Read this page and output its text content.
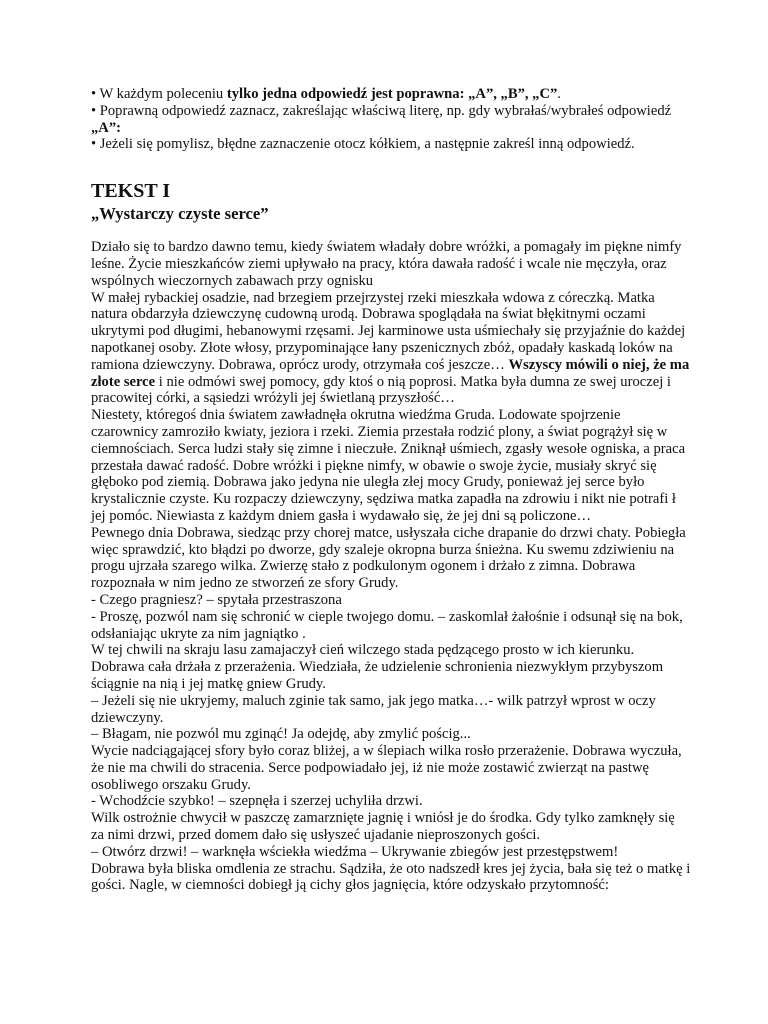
• W każdym poleceniu tylko jedna odpowiedź jest poprawna: „A”, „B”, „C”.

• Poprawną odpowiedź zaznacz, zakreślając właściwą literę, np. gdy wybrałaś/wybrałeś odpowiedź „A”:

• Jeżeli się pomylisz, błędne zaznaczenie otocz kółkiem, a następnie zakreśl inną odpowiedź.

TEKST I
„Wystarczy czyste serce”

Działo się to bardzo dawno temu, kiedy światem władały dobre wróżki, a pomagały im piękne nimfy leśne. Życie mieszkańców ziemi upływało na pracy, która dawała radość i wcale nie męczyła, oraz wspólnych wieczornych zabawach przy ognisku

W małej rybackiej osadzie, nad brzegiem przejrzystej rzeki mieszkała wdowa z córeczką. Matka natura obdarzyła dziewczynę cudowną urodą. Dobrawa spoglądała na świat błękitnymi oczami ukrytymi pod długimi, hebanowymi rzęsami. Jej karminowe usta uśmiechały się przyjaźnie do każdej napotkanej osoby. Złote włosy, przypominające łany pszenicznych zbóż, opadały kaskadą loków na ramiona dziewczyny. Dobrawa, oprócz urody, otrzymała coś jeszcze… Wszyscy mówili o niej, że ma złote serce i nie odmówi swej pomocy, gdy ktoś o nią poprosi. Matka była dumna ze swej uroczej i pracowitej córki, a sąsiedzi wróżyli jej świetlaną przyszłość…

Niestety, któregoś dnia światem zawładnęła okrutna wiedźma Gruda. Lodowate spojrzenie czarownicy zamroziło kwiaty, jeziora i rzeki. Ziemia przestała rodzić plony, a świat pogrążył się w ciemnościach. Serca ludzi stały się zimne i nieczułe. Zniknął uśmiech, zgasły wesołe ogniska, a praca przestała dawać radość. Dobre wróżki i piękne nimfy, w obawie o swoje życie, musiały skryć się głęboko pod ziemią. Dobrawa jako jedyna nie uległa złej mocy Grudy, ponieważ jej serce było krystalicznie czyste. Ku rozpaczy dziewczyny, sędziwa matka zapadła na zdrowiu i nikt nie potrafi ł jej pomóc. Niewiasta z każdym dniem gasła i wydawało się, że jej dni są policzone…

Pewnego dnia Dobrawa, siedząc przy chorej matce, usłyszała ciche drapanie do drzwi chaty. Pobiegła więc sprawdzić, kto błądzi po dworze, gdy szaleje okropna burza śnieżna. Ku swemu zdziwieniu na progu ujrzała szarego wilka. Zwierzę stało z podkulonym ogonem i drżało z zimna. Dobrawa rozpoznała w nim jedno ze stworzeń ze sfory Grudy.

- Czego pragniesz? – spytała przestraszona

- Proszę, pozwól nam się schronić w cieple twojego domu. – zaskomlał żałośnie i odsunął się na bok, odsłaniając ukryte za nim jagniątko .

W tej chwili na skraju lasu zamajaczył cień wilczego stada pędzącego prosto w ich kierunku. Dobrawa cała drżała z przerażenia. Wiedziała, że udzielenie schronienia niezwykłym przybyszom ściągnie na nią i jej matkę gniew Grudy.

– Jeżeli się nie ukryjemy, maluch zginie tak samo, jak jego matka…- wilk patrzył wprost w oczy dziewczyny.

– Błagam, nie pozwól mu zginąć! Ja odejdę, aby zmylić pościg...

Wycie nadciągającej sfory było coraz bliżej, a w ślepiach wilka rosło przerażenie. Dobrawa wyczuła, że nie ma chwili do stracenia. Serce podpowiadało jej, iż nie może zostawić zwierząt na pastwę osobliwego orszaku Grudy.

- Wchodźcie szybko! – szepnęła i szerzej uchyliła drzwi.

Wilk ostrożnie chwycił w paszczę zamarznięte jagnię i wniósł je do środka. Gdy tylko zamknęły się za nimi drzwi, przed domem dało się usłyszeć ujadanie nieproszonych gości.

– Otwórz drzwi! – warknęła wściekła wiedźma – Ukrywanie zbiegów jest przestępstwem!

Dobrawa była bliska omdlenia ze strachu. Sądziła, że oto nadszedł kres jej życia, bała się też o matkę i gości. Nagle, w ciemności dobiegł ją cichy głos jagnięcia, które odzyskało przytomność:
